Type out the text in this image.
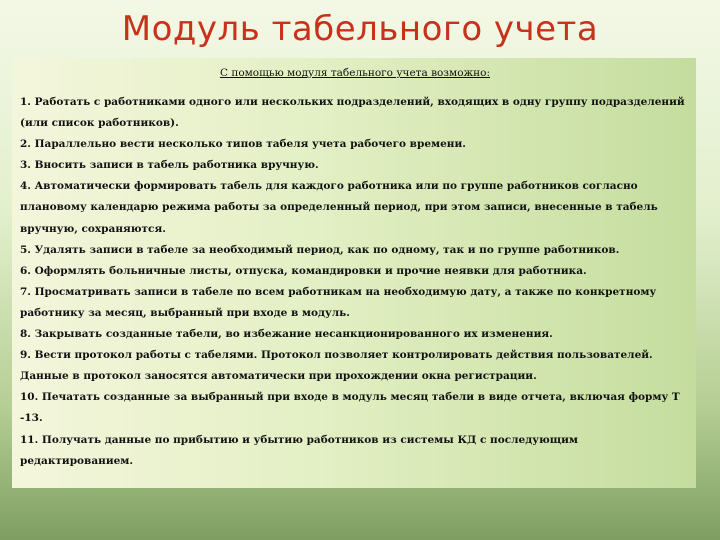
Модуль табельного учета

С помощью модуля табельного учета возможно:

1. Работать с работниками одного или нескольких подразделений, входящих в одну группу подразделений (или список работников).
2. Параллельно вести несколько типов табеля учета рабочего времени.
3. Вносить записи в табель работника вручную.
4. Автоматически формировать табель для каждого работника или по группе работников согласно плановому календарю режима работы за определенный период, при этом записи, внесенные в табель вручную, сохраняются.
5. Удалять записи в табеле за необходимый период, как по одному, так и по группе работников.
6. Оформлять больничные листы, отпуска, командировки и прочие неявки для работника.
7. Просматривать записи в табеле по всем работникам на необходимую дату, а также по конкретному работнику за месяц, выбранный при входе в модуль.
8. Закрывать созданные табели, во избежание несанкционированного их изменения.
9. Вести протокол работы с табелями. Протокол позволяет контролировать действия пользователей. Данные в протокол заносятся автоматически при прохождении окна регистрации.
10. Печатать созданные за выбранный при входе в модуль месяц табели в виде отчета, включая форму Т -13.
11. Получать данные по прибытию и убытию работников из системы КД с последующим редактированием.
